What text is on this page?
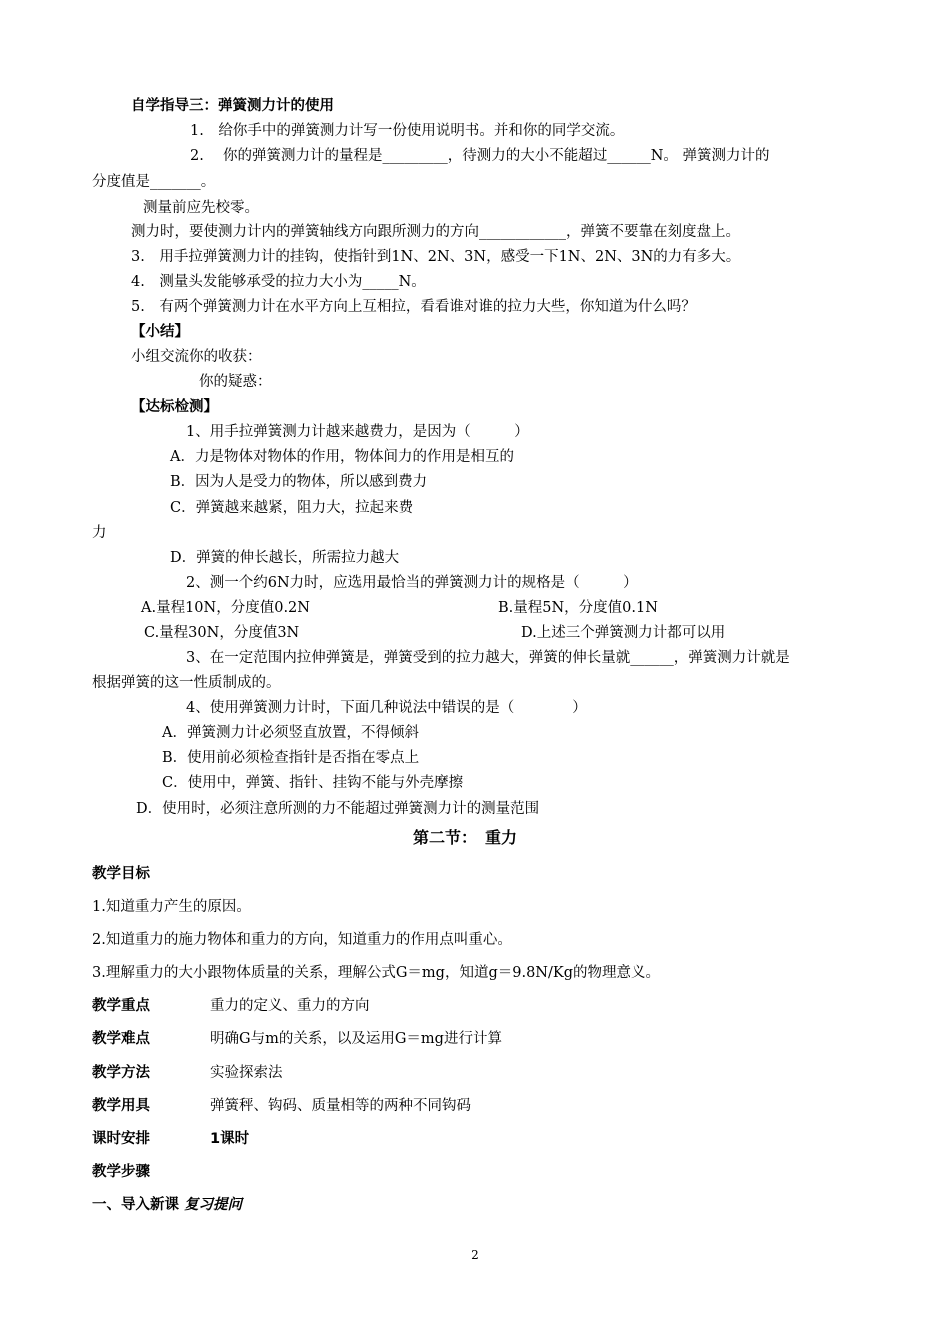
自学指导三：弹簧测力计的使用
1.　给你手中的弹簧测力计写一份使用说明书。并和你的同学交流。
2.　 你的弹簧测力计的量程是_________，待测力的大小不能超过______N。 弹簧测力计的
分度值是_______。
测量前应先校零。
测力时，要使测力计内的弹簧轴线方向跟所测力的方向____________，弹簧不要靠在刻度盘上。
3.　用手拉弹簧测力计的挂钩，使指针到1N、2N、3N，感受一下1N、2N、3N的力有多大。
4.　测量头发能够承受的拉力大小为_____N。
5.　有两个弹簧测力计在水平方向上互相拉，看看谁对谁的拉力大些，你知道为什么吗？
【小结】
小组交流你的收获：
你的疑惑：
【达标检测】
1、用手拉弹簧测力计越来越费力，是因为（　　　）
A．力是物体对物体的作用，物体间力的作用是相互的
B．因为人是受力的物体，所以感到费力
C．弹簧越来越紧，阻力大，拉起来费
力
D．弹簧的伸长越长，所需拉力越大
2、测一个约6N力时，应选用最恰当的弹簧测力计的规格是（　　　）
A.量程10N，分度值0.2N	B.量程5N，分度值0.1N
C.量程30N，分度值3N	D.上述三个弹簧测力计都可以用
3、在一定范围内拉伸弹簧是，弹簧受到的拉力越大，弹簧的伸长量就______，弹簧测力计就是
根据弹簧的这一性质制成的。
4、使用弹簧测力计时，下面几种说法中错误的是（　　　　）
A．弹簧测力计必须竖直放置，不得倾斜
B．使用前必须检查指针是否指在零点上
C．使用中，弹簧、指针、挂钩不能与外壳摩擦
D．使用时，必须注意所测的力不能超过弹簧测力计的测量范围
第二节：　重力
教学目标
1.知道重力产生的原因。
2.知道重力的施力物体和重力的方向，知道重力的作用点叫重心。
3.理解重力的大小跟物体质量的关系，理解公式G＝mg，知道g＝9.8N/Kg的物理意义。
教学重点	重力的定义、重力的方向
教学难点	明确G与m的关系，以及运用G＝mg进行计算
教学方法	实验探索法
教学用具	弹簧秤、钩码、质量相等的两种不同钩码
课时安排	1课时
教学步骤
一、导入新课 复习提问
2
